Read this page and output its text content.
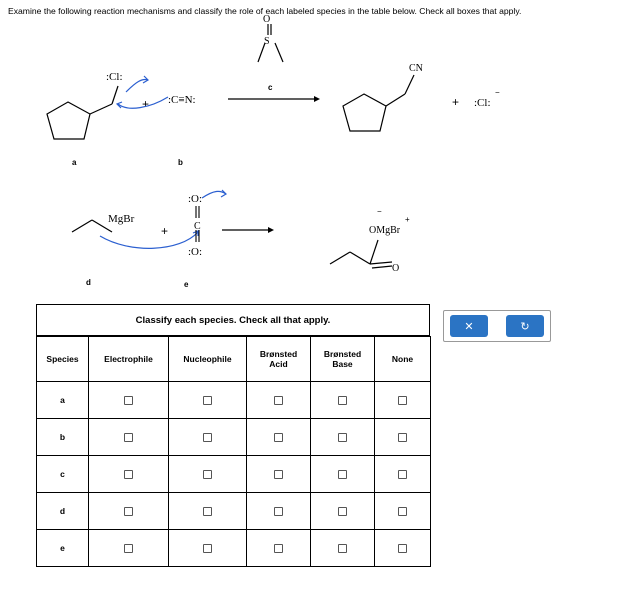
Examine the following reaction mechanisms and classify the role of each labeled species in the table below. Check all boxes that apply.
:Cl:
+ :C≡N:
O
S
c
CN
+ :Cl:
−
MgBr
+
:O:
C
:O:
OMgBr
−
+
O
a	b
d	e
Classify each species. Check all that apply.
✕	↻
Species	Electrophile	Nucleophile	Brønsted Acid	Brønsted Base	None
a					
b					
c					
d					
e					
